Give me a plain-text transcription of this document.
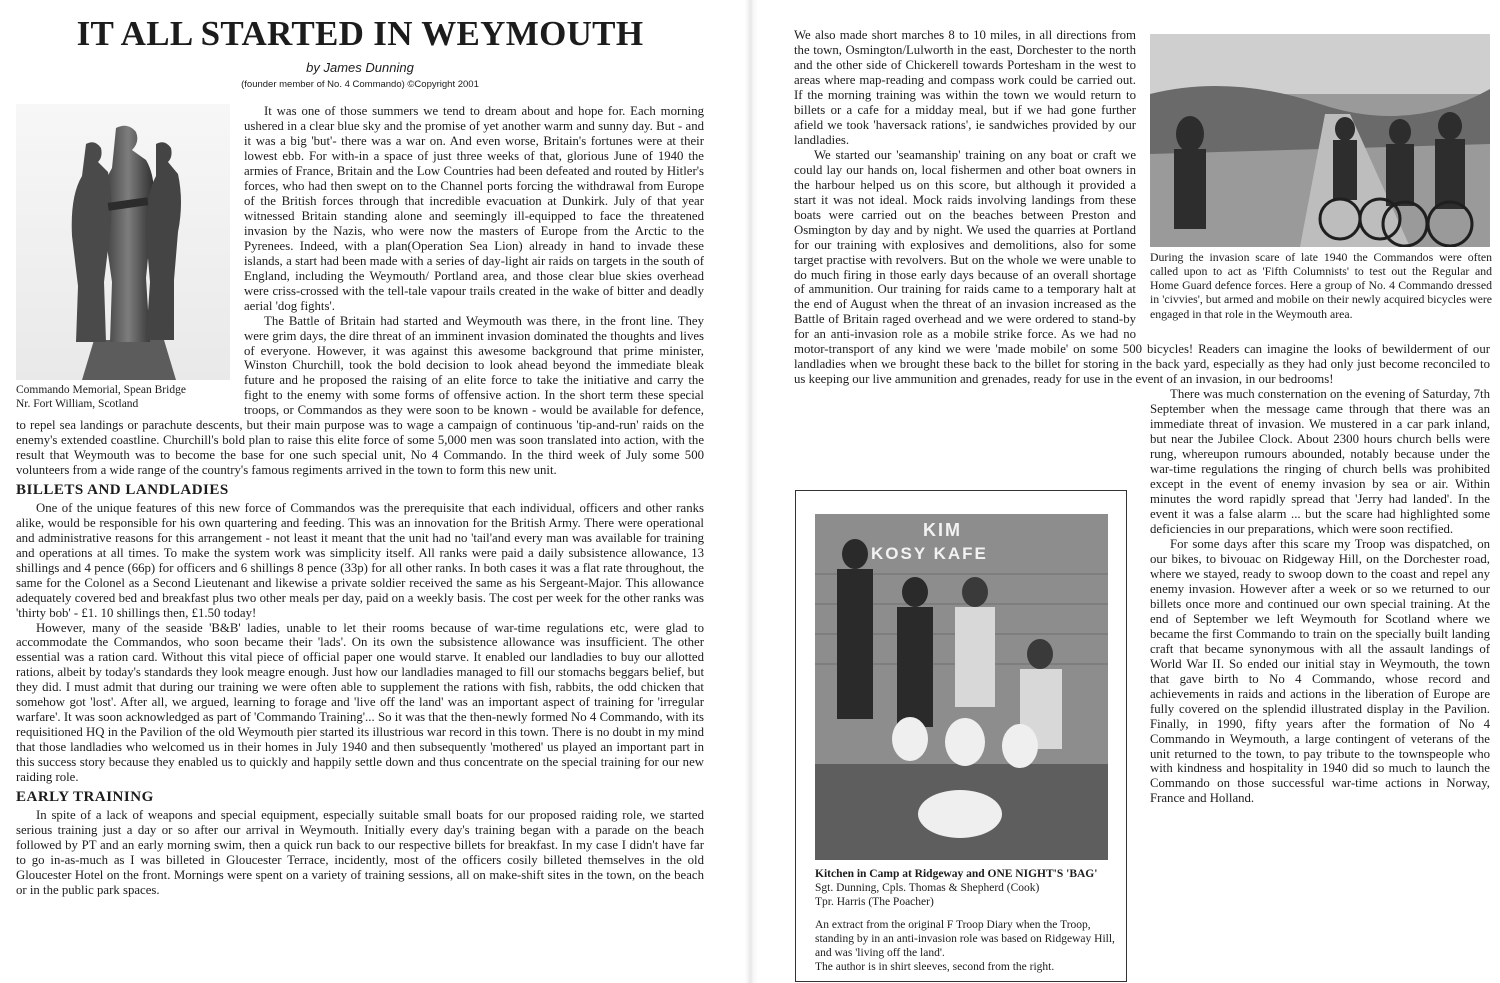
IT ALL STARTED IN WEYMOUTH
by James Dunning
(founder member of No. 4 Commando) ©Copyright 2001
Commando Memorial, Spean Bridge
Nr. Fort William, Scotland

It was one of those summers we tend to dream about and hope for. Each morning ushered in a clear blue sky and the promise of yet another warm and sunny day. But - and it was a big 'but'- there was a war on. And even worse, Britain's fortunes were at their lowest ebb. For with-in a space of just three weeks of that, glorious June of 1940 the armies of France, Britain and the Low Countries had been defeated and routed by Hitler's forces, who had then swept on to the Channel ports forcing the withdrawal from Europe of the British forces through that incredible evacuation at Dunkirk. July of that year witnessed Britain standing alone and seemingly ill-equipped to face the threatened invasion by the Nazis, who were now the masters of Europe from the Arctic to the Pyrenees. Indeed, with a plan(Operation Sea Lion) already in hand to invade these islands, a start had been made with a series of day-light air raids on targets in the south of England, including the Weymouth/ Portland area, and those clear blue skies overhead were criss-crossed with the tell-tale vapour trails created in the wake of bitter and deadly aerial 'dog fights'.

The Battle of Britain had started and Weymouth was there, in the front line. They were grim days, the dire threat of an imminent invasion dominated the thoughts and lives of everyone. However, it was against this awesome background that prime minister, Winston Churchill, took the bold decision to look ahead beyond the immediate bleak future and he proposed the raising of an elite force to take the initiative and carry the fight to the enemy with some forms of offensive action. In the short term these special troops, or Commandos as they were soon to be known - would be available for defence, to repel sea landings or parachute descents, but their main purpose was to wage a campaign of continuous 'tip-and-run' raids on the enemy's extended coastline. Churchill's bold plan to raise this elite force of some 5,000 men was soon translated into action, with the result that Weymouth was to become the base for one such special unit, No 4 Commando. In the third week of July some 500 volunteers from a wide range of the country's famous regiments arrived in the town to form this new unit.

BILLETS AND LANDLADIES

One of the unique features of this new force of Commandos was the prerequisite that each individual, officers and other ranks alike, would be responsible for his own quartering and feeding. This was an innovation for the British Army. There were operational and administrative reasons for this arrangement - not least it meant that the unit had no 'tail'and every man was available for training and operations at all times. To make the system work was simplicity itself. All ranks were paid a daily subsistence allowance, 13 shillings and 4 pence (66p) for officers and 6 shillings 8 pence (33p) for all other ranks. In both cases it was a flat rate throughout, the same for the Colonel as a Second Lieutenant and likewise a private soldier received the same as his Sergeant-Major. This allowance adequately covered bed and breakfast plus two other meals per day, paid on a weekly basis. The cost per week for the other ranks was 'thirty bob' - £1. 10 shillings then, £1.50 today!

However, many of the seaside 'B&B' ladies, unable to let their rooms because of war-time regulations etc, were glad to accommodate the Commandos, who soon became their 'lads'. On its own the subsistence allowance was insufficient. The other essential was a ration card. Without this vital piece of official paper one would starve. It enabled our landladies to buy our allotted rations, albeit by today's standards they look meagre enough. Just how our landladies managed to fill our stomachs beggars belief, but they did. I must admit that during our training we were often able to supplement the rations with fish, rabbits, the odd chicken that somehow got 'lost'. After all, we argued, learning to forage and 'live off the land' was an important aspect of training for 'irregular warfare'. It was soon acknowledged as part of 'Commando Training'... So it was that the then-newly formed No 4 Commando, with its requisitioned HQ in the Pavilion of the old Weymouth pier started its illustrious war record in this town. There is no doubt in my mind that those landladies who welcomed us in their homes in July 1940 and then subsequently 'mothered' us played an important part in this success story because they enabled us to quickly and happily settle down and thus concentrate on the special training for our new raiding role.

EARLY TRAINING

In spite of a lack of weapons and special equipment, especially suitable small boats for our proposed raiding role, we started serious training just a day or so after our arrival in Weymouth. Initially every day's training began with a parade on the beach followed by PT and an early morning swim, then a quick run back to our respective billets for breakfast. In my case I didn't have far to go in-as-much as I was billeted in Gloucester Terrace, incidently, most of the officers cosily billeted themselves in the old Gloucester Hotel on the front. Mornings were spent on a variety of training sessions, all on make-shift sites in the town, on the beach or in the public park spaces.

During the invasion scare of late 1940 the Commandos were often called upon to act as 'Fifth Columnists' to test out the Regular and Home Guard defence forces. Here a group of No. 4 Commando dressed in 'civvies', but armed and mobile on their newly acquired bicycles were engaged in that role in the Weymouth area.
KIM
KOSY KAFE
Kitchen in Camp at Ridgeway and ONE NIGHT'S 'BAG'
Sgt. Dunning, Cpls. Thomas & Shepherd (Cook)
Tpr. Harris (The Poacher)
An extract from the original F Troop Diary when the Troop, standing by in an anti-invasion role was based on Ridgeway Hill, and was 'living off the land'.
The author is in shirt sleeves, second from the right.

We also made short marches 8 to 10 miles, in all directions from the town, Osmington/Lulworth in the east, Dorchester to the north and the other side of Chickerell towards Portesham in the west to areas where map-reading and compass work could be carried out. If the morning training was within the town we would return to billets or a cafe for a midday meal, but if we had gone further afield we took 'haversack rations', ie sandwiches provided by our landladies.

We started our 'seamanship' training on any boat or craft we could lay our hands on, local fishermen and other boat owners in the harbour helped us on this score, but although it provided a start it was not ideal. Mock raids involving landings from these boats were carried out on the beaches between Preston and Osmington by day and by night. We used the quarries at Portland for our training with explosives and demolitions, also for some target practise with revolvers. But on the whole we were unable to do much firing in those early days because of an overall shortage of ammunition. Our training for raids came to a temporary halt at the end of August when the threat of an invasion increased as the Battle of Britain raged overhead and we were ordered to stand-by for an anti-invasion role as a mobile strike force. As we had no motor-transport of any kind we were 'made mobile' on some 500 bicycles! Readers can imagine the looks of bewilderment of our landladies when we brought these back to the billet for storing in the back yard, especially as they had only just become reconciled to us keeping our live ammunition and grenades, ready for use in the event of an invasion, in our bedrooms!

There was much consternation on the evening of Saturday, 7th September when the message came through that there was an immediate threat of invasion. We mustered in a car park inland, but near the Jubilee Clock. About 2300 hours church bells were rung, whereupon rumours abounded, notably because under the war-time regulations the ringing of church bells was prohibited except in the event of enemy invasion by sea or air. Within minutes the word rapidly spread that 'Jerry had landed'. In the event it was a false alarm ... but the scare had highlighted some deficiencies in our preparations, which were soon rectified.

For some days after this scare my Troop was dispatched, on our bikes, to bivouac on Ridgeway Hill, on the Dorchester road, where we stayed, ready to swoop down to the coast and repel any enemy invasion. However after a week or so we returned to our billets once more and continued our own special training. At the end of September we left Weymouth for Scotland where we became the first Commando to train on the specially built landing craft that became synonymous with all the assault landings of World War II. So ended our initial stay in Weymouth, the town that gave birth to No 4 Commando, whose record and achievements in raids and actions in the liberation of Europe are fully covered on the splendid illustrated display in the Pavilion. Finally, in 1990, fifty years after the formation of No 4 Commando in Weymouth, a large contingent of veterans of the unit returned to the town, to pay tribute to the townspeople who with kindness and hospitality in 1940 did so much to launch the Commando on those successful war-time actions in Norway, France and Holland.
